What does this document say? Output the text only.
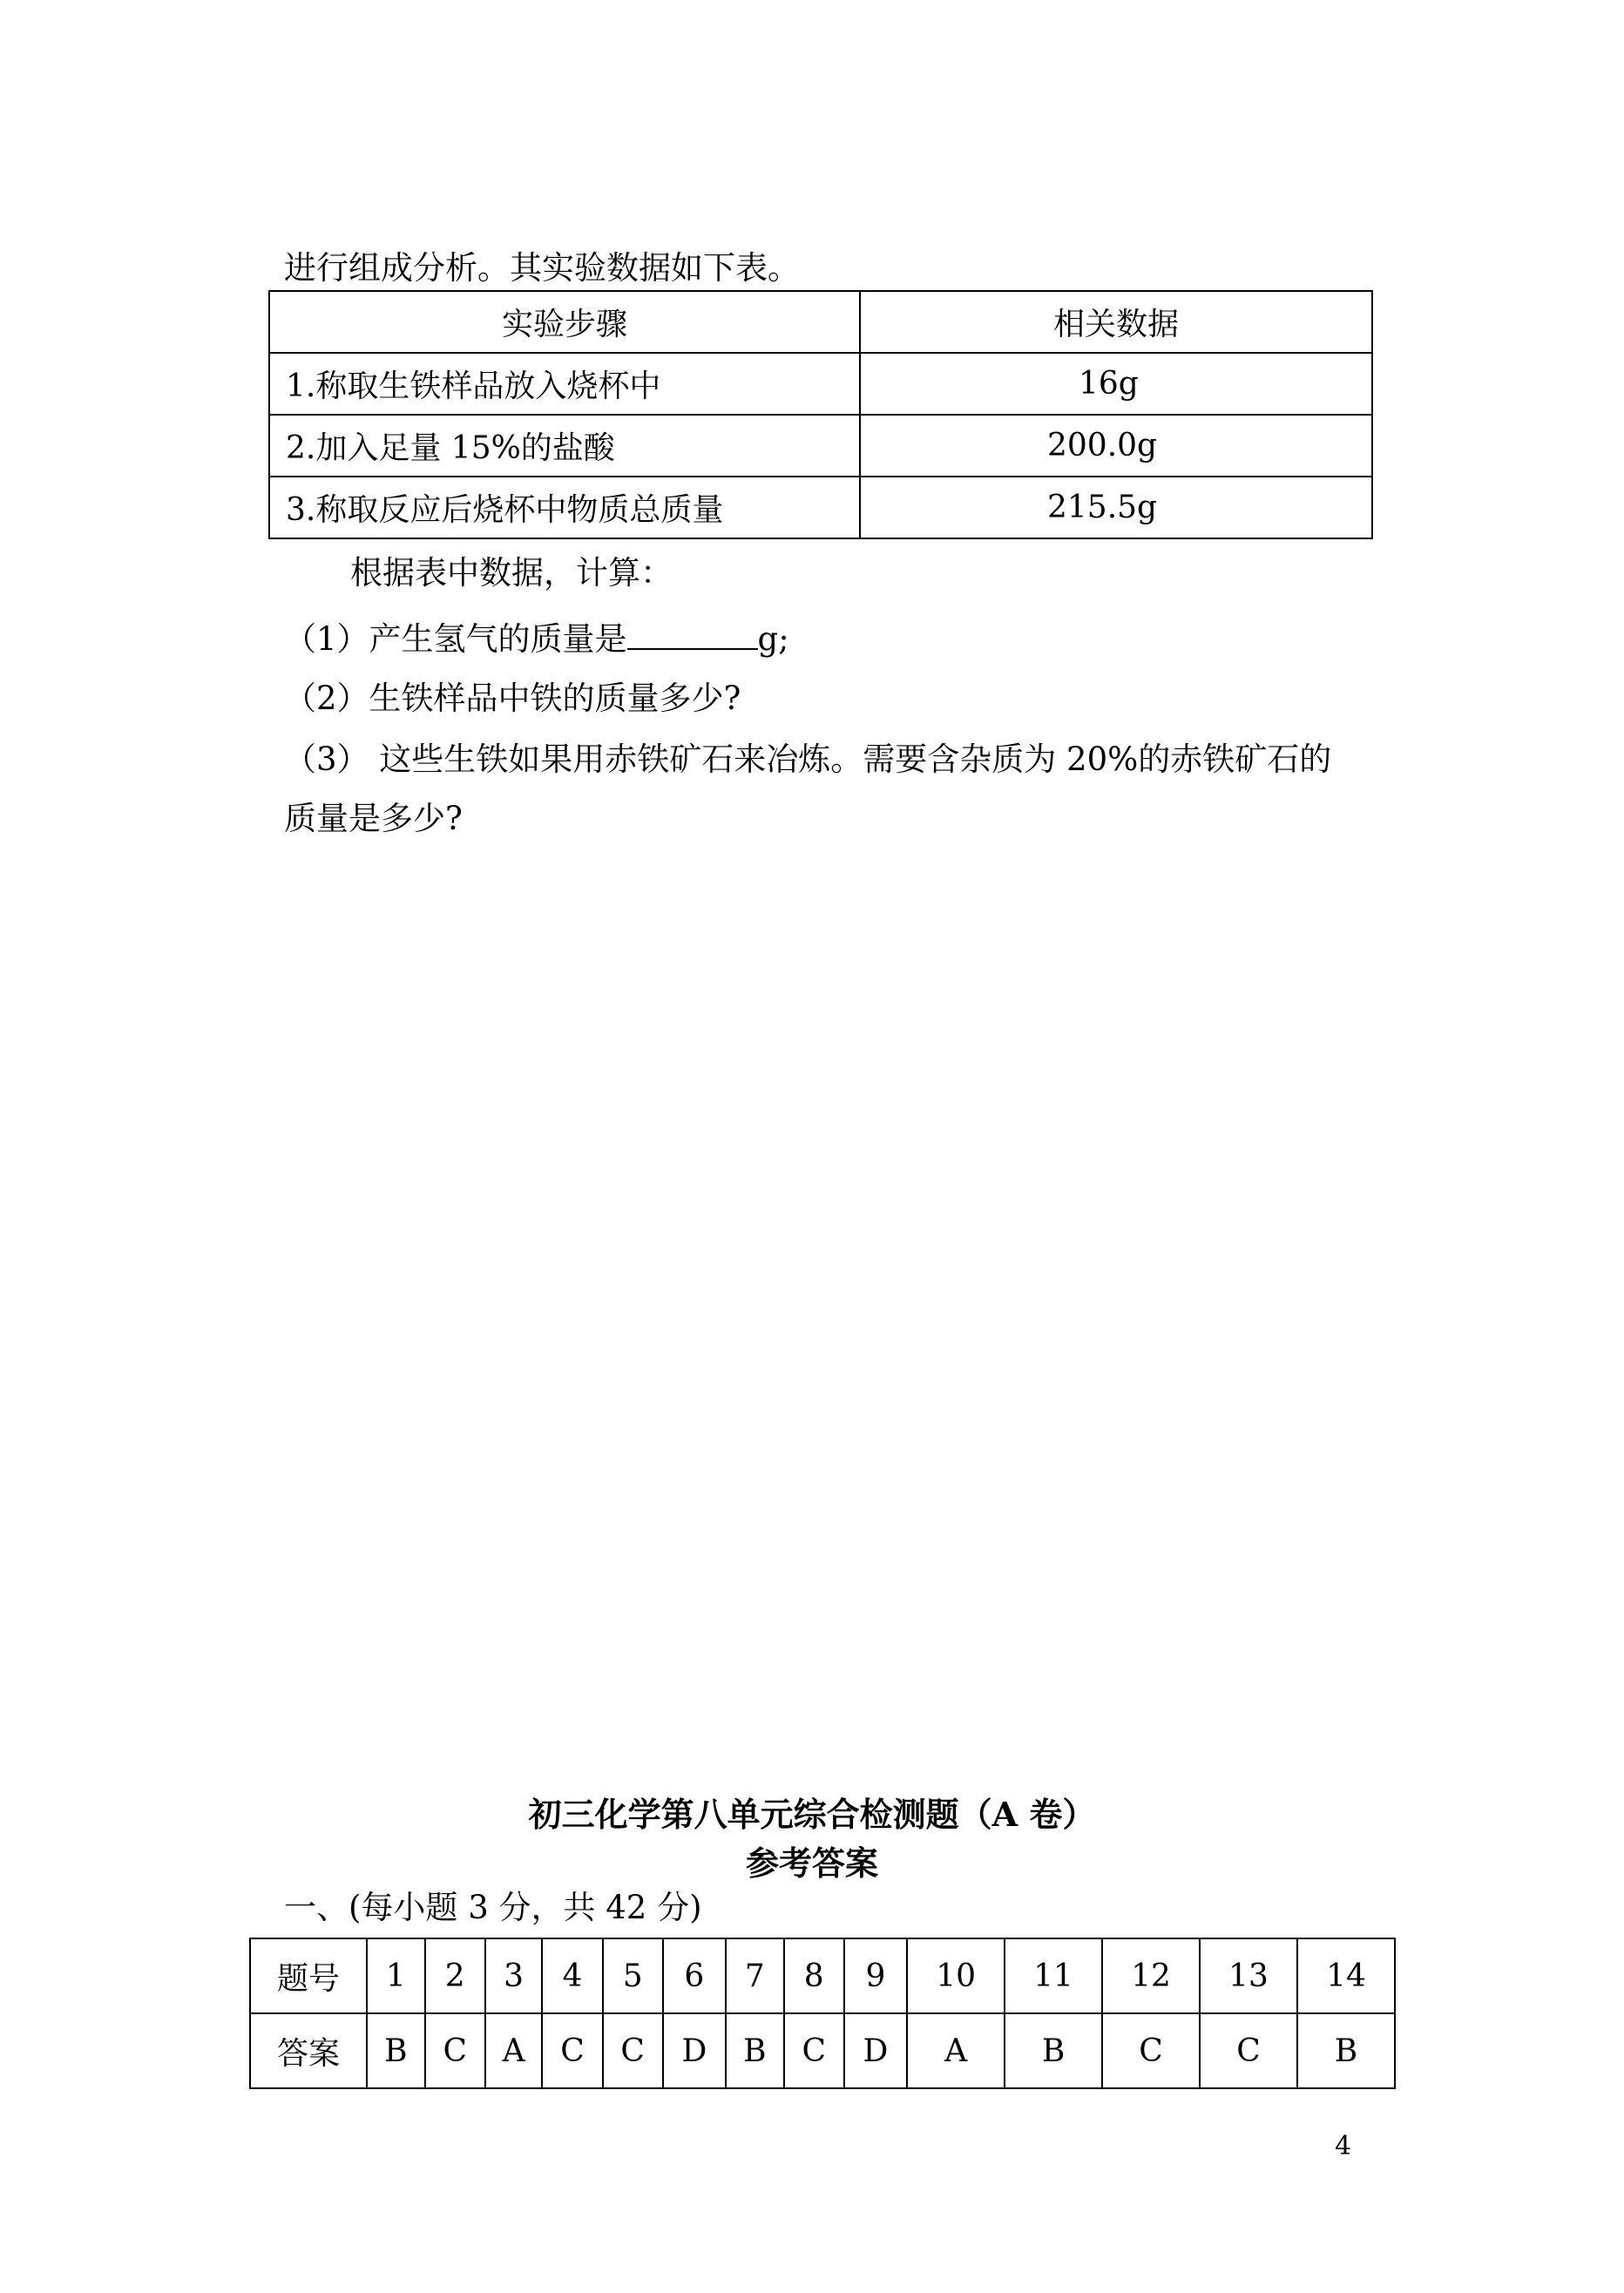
进行组成分析。其实验数据如下表。
实验步骤	相关数据
1.称取生铁样品放入烧杯中	16g
2.加入足量 15%的盐酸	200.0g
3.称取反应后烧杯中物质总质量	215.5g
根据表中数据，计算：
（1）产生氢气的质量是	g;
（2）生铁样品中铁的质量多少?
（3） 这些生铁如果用赤铁矿石来冶炼。需要含杂质为 20%的赤铁矿石的
质量是多少?
初三化学第八单元综合检测题（A 卷）
参考答案
一、(每小题 3 分，共 42 分)
题号	1	2	3	4	5	6	7	8	9	10	11	12	13	14
答案	B	C	A	C	C	D	B	C	D	A	B	C	C	B
4
